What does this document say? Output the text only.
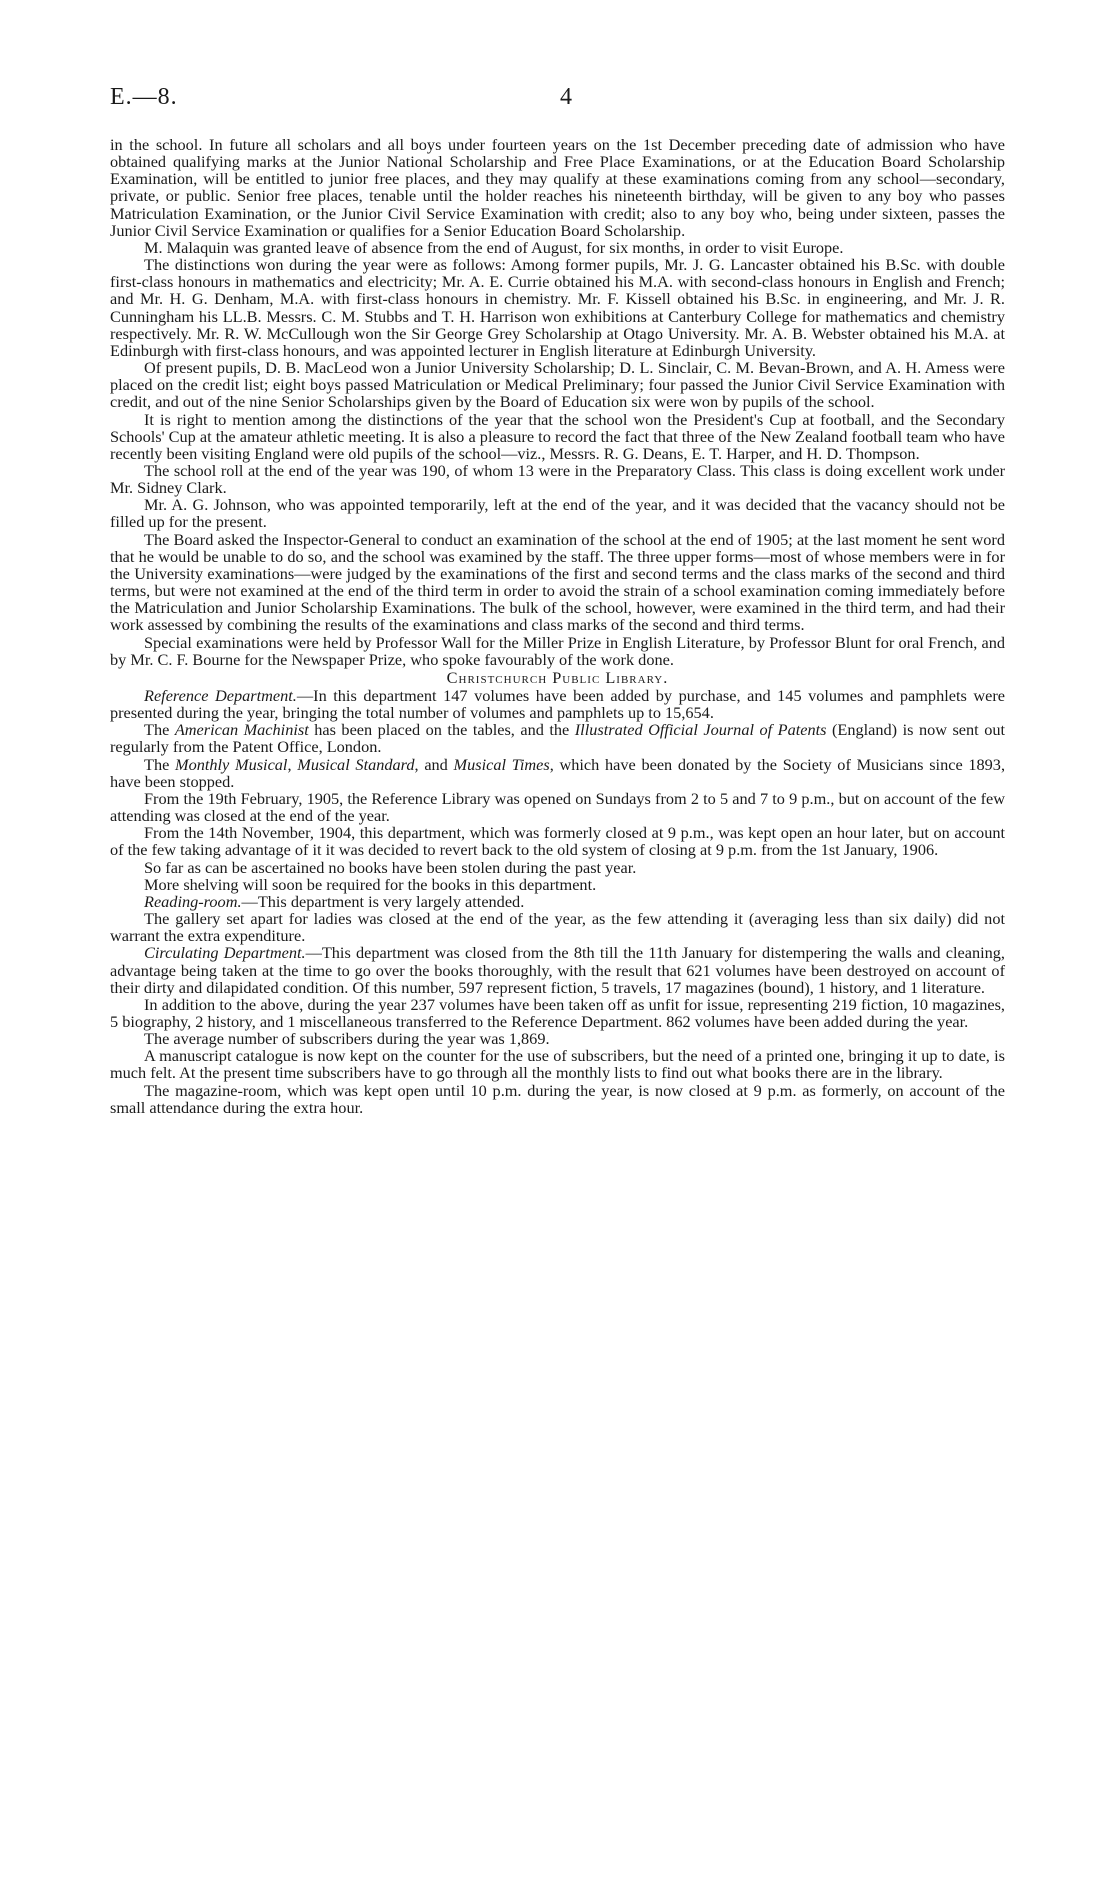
E.—8.	4

in the school. In future all scholars and all boys under fourteen years on the 1st December preceding date of admission who have obtained qualifying marks at the Junior National Scholarship and Free Place Examinations, or at the Education Board Scholarship Examination, will be entitled to junior free places, and they may qualify at these examinations coming from any school—secondary, private, or public. Senior free places, tenable until the holder reaches his nineteenth birthday, will be given to any boy who passes Matriculation Examination, or the Junior Civil Service Examination with credit; also to any boy who, being under sixteen, passes the Junior Civil Service Examination or qualifies for a Senior Education Board Scholarship.

M. Malaquin was granted leave of absence from the end of August, for six months, in order to visit Europe.

The distinctions won during the year were as follows: Among former pupils, Mr. J. G. Lancaster obtained his B.Sc. with double first-class honours in mathematics and electricity; Mr. A. E. Currie obtained his M.A. with second-class honours in English and French; and Mr. H. G. Denham, M.A. with first-class honours in chemistry. Mr. F. Kissell obtained his B.Sc. in engineering, and Mr. J. R. Cunningham his LL.B. Messrs. C. M. Stubbs and T. H. Harrison won exhibitions at Canterbury College for mathematics and chemistry respectively. Mr. R. W. McCullough won the Sir George Grey Scholarship at Otago University. Mr. A. B. Webster obtained his M.A. at Edinburgh with first-class honours, and was appointed lecturer in English literature at Edinburgh University.

Of present pupils, D. B. MacLeod won a Junior University Scholarship; D. L. Sinclair, C. M. Bevan-Brown, and A. H. Amess were placed on the credit list; eight boys passed Matriculation or Medical Preliminary; four passed the Junior Civil Service Examination with credit, and out of the nine Senior Scholarships given by the Board of Education six were won by pupils of the school.

It is right to mention among the distinctions of the year that the school won the President's Cup at football, and the Secondary Schools' Cup at the amateur athletic meeting. It is also a pleasure to record the fact that three of the New Zealand football team who have recently been visiting England were old pupils of the school—viz., Messrs. R. G. Deans, E. T. Harper, and H. D. Thompson.

The school roll at the end of the year was 190, of whom 13 were in the Preparatory Class. This class is doing excellent work under Mr. Sidney Clark.

Mr. A. G. Johnson, who was appointed temporarily, left at the end of the year, and it was decided that the vacancy should not be filled up for the present.

The Board asked the Inspector-General to conduct an examination of the school at the end of 1905; at the last moment he sent word that he would be unable to do so, and the school was examined by the staff. The three upper forms—most of whose members were in for the University examinations—were judged by the examinations of the first and second terms and the class marks of the second and third terms, but were not examined at the end of the third term in order to avoid the strain of a school examination coming immediately before the Matriculation and Junior Scholarship Examinations. The bulk of the school, however, were examined in the third term, and had their work assessed by combining the results of the examinations and class marks of the second and third terms.

Special examinations were held by Professor Wall for the Miller Prize in English Literature, by Professor Blunt for oral French, and by Mr. C. F. Bourne for the Newspaper Prize, who spoke favourably of the work done.

Christchurch Public Library.

Reference Department.—In this department 147 volumes have been added by purchase, and 145 volumes and pamphlets were presented during the year, bringing the total number of volumes and pamphlets up to 15,654.

The American Machinist has been placed on the tables, and the Illustrated Official Journal of Patents (England) is now sent out regularly from the Patent Office, London.

The Monthly Musical, Musical Standard, and Musical Times, which have been donated by the Society of Musicians since 1893, have been stopped.

From the 19th February, 1905, the Reference Library was opened on Sundays from 2 to 5 and 7 to 9 p.m., but on account of the few attending was closed at the end of the year.

From the 14th November, 1904, this department, which was formerly closed at 9 p.m., was kept open an hour later, but on account of the few taking advantage of it it was decided to revert back to the old system of closing at 9 p.m. from the 1st January, 1906.

So far as can be ascertained no books have been stolen during the past year.

More shelving will soon be required for the books in this department.

Reading-room.—This department is very largely attended.

The gallery set apart for ladies was closed at the end of the year, as the few attending it (averaging less than six daily) did not warrant the extra expenditure.

Circulating Department.—This department was closed from the 8th till the 11th January for distempering the walls and cleaning, advantage being taken at the time to go over the books thoroughly, with the result that 621 volumes have been destroyed on account of their dirty and dilapidated condition. Of this number, 597 represent fiction, 5 travels, 17 magazines (bound), 1 history, and 1 literature.

In addition to the above, during the year 237 volumes have been taken off as unfit for issue, representing 219 fiction, 10 magazines, 5 biography, 2 history, and 1 miscellaneous transferred to the Reference Department. 862 volumes have been added during the year.

The average number of subscribers during the year was 1,869.

A manuscript catalogue is now kept on the counter for the use of subscribers, but the need of a printed one, bringing it up to date, is much felt. At the present time subscribers have to go through all the monthly lists to find out what books there are in the library.

The magazine-room, which was kept open until 10 p.m. during the year, is now closed at 9 p.m. as formerly, on account of the small attendance during the extra hour.
